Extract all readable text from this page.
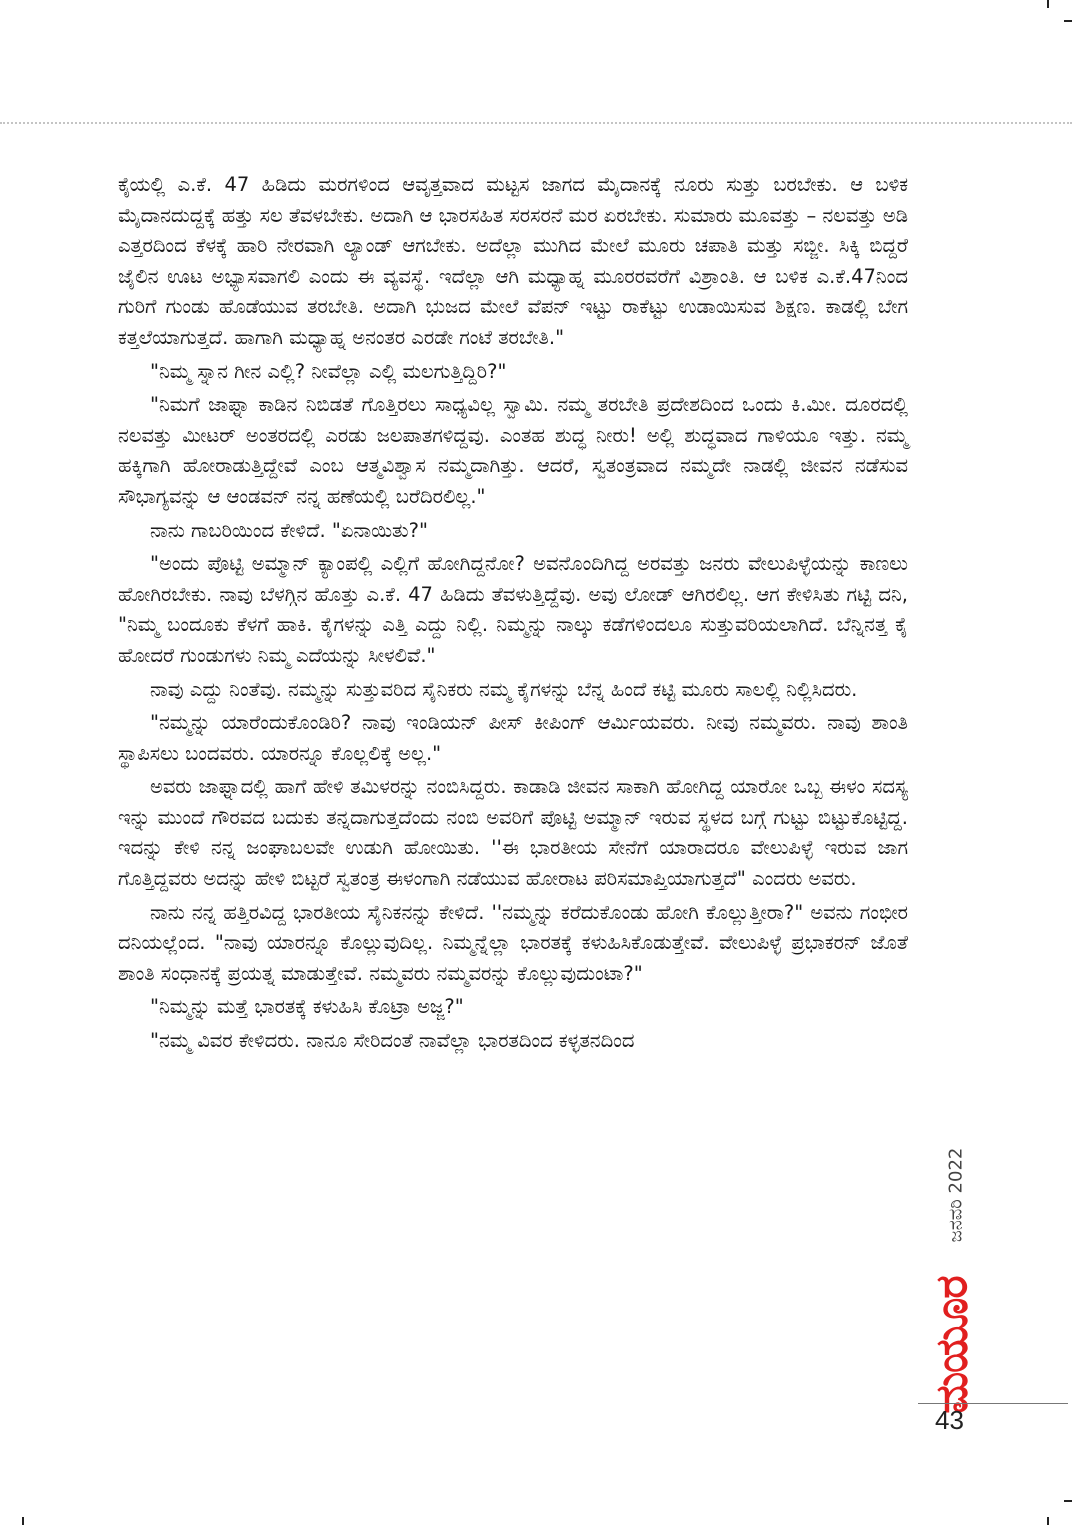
ಕೈಯಲ್ಲಿ ಎ.ಕೆ. 47 ಹಿಡಿದು ಮರಗಳಿಂದ ಆವೃತ್ತವಾದ ಮಟ್ಟಸ ಜಾಗದ ಮೈದಾನಕ್ಕೆ ನೂರು ಸುತ್ತು ಬರಬೇಕು. ಆ ಬಳಿಕ ಮೈದಾನದುದ್ದಕ್ಕೆ ಹತ್ತು ಸಲ ತೆವಳಬೇಕು. ಅದಾಗಿ ಆ ಭಾರಸಹಿತ ಸರಸರನೆ ಮರ ಏರಬೇಕು. ಸುಮಾರು ಮೂವತ್ತು – ನಲವತ್ತು ಅಡಿ ಎತ್ತರದಿಂದ ಕೆಳಕ್ಕೆ ಹಾರಿ ನೇರವಾಗಿ ಲ್ಯಾಂಡ್ ಆಗಬೇಕು. ಅದೆಲ್ಲಾ ಮುಗಿದ ಮೇಲೆ ಮೂರು ಚಪಾತಿ ಮತ್ತು ಸಬ್ಜೀ. ಸಿಕ್ಕಿ ಬಿದ್ದರೆ ಜೈಲಿನ ಊಟ ಅಭ್ಯಾಸವಾಗಲಿ ಎಂದು ಈ ವ್ಯವಸ್ಥೆ. ಇದೆಲ್ಲಾ ಆಗಿ ಮಧ್ಯಾಹ್ನ ಮೂರರವರೆಗೆ ವಿಶ್ರಾಂತಿ. ಆ ಬಳಿಕ ಎ.ಕೆ.47ನಿಂದ ಗುರಿಗೆ ಗುಂಡು ಹೊಡೆಯುವ ತರಬೇತಿ. ಅದಾಗಿ ಭುಜದ ಮೇಲೆ ವೆಪನ್ ಇಟ್ಟು ರಾಕೆಟ್ಟು ಉಡಾಯಿಸುವ ಶಿಕ್ಷಣ. ಕಾಡಲ್ಲಿ ಬೇಗ ಕತ್ತಲೆಯಾಗುತ್ತದೆ. ಹಾಗಾಗಿ ಮಧ್ಯಾಹ್ನ ಅನಂತರ ಎರಡೇ ಗಂಟೆ ತರಬೇತಿ."

"ನಿಮ್ಮ ಸ್ನಾನ ಗೀನ ಎಲ್ಲಿ? ನೀವೆಲ್ಲಾ ಎಲ್ಲಿ ಮಲಗುತ್ತಿದ್ದಿರಿ?"

"ನಿಮಗೆ ಜಾಫ್ನಾ ಕಾಡಿನ ನಿಬಿಡತೆ ಗೊತ್ತಿರಲು ಸಾಧ್ಯವಿಲ್ಲ ಸ್ವಾಮಿ. ನಮ್ಮ ತರಬೇತಿ ಪ್ರದೇಶದಿಂದ ಒಂದು ಕಿ.ಮೀ. ದೂರದಲ್ಲಿ ನಲವತ್ತು ಮೀಟರ್ ಅಂತರದಲ್ಲಿ ಎರಡು ಜಲಪಾತಗಳಿದ್ದವು. ಎಂತಹ ಶುದ್ಧ ನೀರು! ಅಲ್ಲಿ ಶುದ್ಧವಾದ ಗಾಳಿಯೂ ಇತ್ತು. ನಮ್ಮ ಹಕ್ಕಿಗಾಗಿ ಹೋರಾಡುತ್ತಿದ್ದೇವೆ ಎಂಬ ಆತ್ಮವಿಶ್ವಾಸ ನಮ್ಮದಾಗಿತ್ತು. ಆದರೆ, ಸ್ವತಂತ್ರವಾದ ನಮ್ಮದೇ ನಾಡಲ್ಲಿ ಜೀವನ ನಡೆಸುವ ಸೌಭಾಗ್ಯವನ್ನು ಆ ಆಂಡವನ್ ನನ್ನ ಹಣೆಯಲ್ಲಿ ಬರೆದಿರಲಿಲ್ಲ."

ನಾನು ಗಾಬರಿಯಿಂದ ಕೇಳಿದೆ. "ಏನಾಯಿತು?"

"ಅಂದು ಪೊಟ್ಟಿ ಅಮ್ಮಾನ್ ಕ್ಯಾಂಪಲ್ಲಿ ಎಲ್ಲಿಗೆ ಹೋಗಿದ್ದನೋ? ಅವನೊಂದಿಗಿದ್ದ ಅರವತ್ತು ಜನರು ವೇಲುಪಿಳ್ಳೆಯನ್ನು ಕಾಣಲು ಹೋಗಿರಬೇಕು. ನಾವು ಬೆಳಗ್ಗಿನ ಹೊತ್ತು ಎ.ಕೆ. 47 ಹಿಡಿದು ತೆವಳುತ್ತಿದ್ದೆವು. ಅವು ಲೋಡ್ ಆಗಿರಲಿಲ್ಲ. ಆಗ ಕೇಳಿಸಿತು ಗಟ್ಟಿ ದನಿ, "ನಿಮ್ಮ ಬಂದೂಕು ಕೆಳಗೆ ಹಾಕಿ. ಕೈಗಳನ್ನು ಎತ್ತಿ ಎದ್ದು ನಿಲ್ಲಿ. ನಿಮ್ಮನ್ನು ನಾಲ್ಕು ಕಡೆಗಳಿಂದಲೂ ಸುತ್ತುವರಿಯಲಾಗಿದೆ. ಬೆನ್ನಿನತ್ತ ಕೈ ಹೋದರೆ ಗುಂಡುಗಳು ನಿಮ್ಮ ಎದೆಯನ್ನು ಸೀಳಲಿವೆ."

ನಾವು ಎದ್ದು ನಿಂತೆವು. ನಮ್ಮನ್ನು ಸುತ್ತುವರಿದ ಸೈನಿಕರು ನಮ್ಮ ಕೈಗಳನ್ನು ಬೆನ್ನ ಹಿಂದೆ ಕಟ್ಟಿ ಮೂರು ಸಾಲಲ್ಲಿ ನಿಲ್ಲಿಸಿದರು.

"ನಮ್ಮನ್ನು ಯಾರೆಂದುಕೊಂಡಿರಿ? ನಾವು ಇಂಡಿಯನ್ ಪೀಸ್ ಕೀಪಿಂಗ್ ಆರ್ಮಿಯವರು. ನೀವು ನಮ್ಮವರು. ನಾವು ಶಾಂತಿ ಸ್ಥಾಪಿಸಲು ಬಂದವರು. ಯಾರನ್ನೂ ಕೊಲ್ಲಲಿಕ್ಕೆ ಅಲ್ಲ."

ಅವರು ಜಾಫ್ನಾದಲ್ಲಿ ಹಾಗೆ ಹೇಳಿ ತಮಿಳರನ್ನು ನಂಬಿಸಿದ್ದರು. ಕಾಡಾಡಿ ಜೀವನ ಸಾಕಾಗಿ ಹೋಗಿದ್ದ ಯಾರೋ ಒಬ್ಬ ಈಳಂ ಸದಸ್ಯ ಇನ್ನು ಮುಂದೆ ಗೌರವದ ಬದುಕು ತನ್ನದಾಗುತ್ತದೆಂದು ನಂಬಿ ಅವರಿಗೆ ಪೊಟ್ಟಿ ಅಮ್ಮಾನ್ ಇರುವ ಸ್ಥಳದ ಬಗ್ಗೆ ಗುಟ್ಟು ಬಿಟ್ಟುಕೊಟ್ಟಿದ್ದ. ಇದನ್ನು ಕೇಳಿ ನನ್ನ ಜಂಘಾಬಲವೇ ಉಡುಗಿ ಹೋಯಿತು. ''ಈ ಭಾರತೀಯ ಸೇನೆಗೆ ಯಾರಾದರೂ ವೇಲುಪಿಳ್ಳೆ ಇರುವ ಜಾಗ ಗೊತ್ತಿದ್ದವರು ಅದನ್ನು ಹೇಳಿ ಬಿಟ್ಟರೆ ಸ್ವತಂತ್ರ ಈಳಂಗಾಗಿ ನಡೆಯುವ ಹೋರಾಟ ಪರಿಸಮಾಪ್ತಿಯಾಗುತ್ತದೆ" ಎಂದರು ಅವರು.

ನಾನು ನನ್ನ ಹತ್ತಿರವಿದ್ದ ಭಾರತೀಯ ಸೈನಿಕನನ್ನು ಕೇಳಿದೆ. ''ನಮ್ಮನ್ನು ಕರೆದುಕೊಂಡು ಹೋಗಿ ಕೊಲ್ಲುತ್ತೀರಾ?" ಅವನು ಗಂಭೀರ ದನಿಯಲ್ಲೆಂದ. "ನಾವು ಯಾರನ್ನೂ ಕೊಲ್ಲುವುದಿಲ್ಲ. ನಿಮ್ಮನ್ನೆಲ್ಲಾ ಭಾರತಕ್ಕೆ ಕಳುಹಿಸಿಕೊಡುತ್ತೇವೆ. ವೇಲುಪಿಳ್ಳೆ ಪ್ರಭಾಕರನ್ ಜೊತೆ ಶಾಂತಿ ಸಂಧಾನಕ್ಕೆ ಪ್ರಯತ್ನ ಮಾಡುತ್ತೇವೆ. ನಮ್ಮವರು ನಮ್ಮವರನ್ನು ಕೊಲ್ಲುವುದುಂಟಾ?"

"ನಿಮ್ಮನ್ನು ಮತ್ತೆ ಭಾರತಕ್ಕೆ ಕಳುಹಿಸಿ ಕೊಟ್ರಾ ಅಜ್ಜ?"

"ನಮ್ಮ ವಿವರ ಕೇಳಿದರು. ನಾನೂ ಸೇರಿದಂತೆ ನಾವೆಲ್ಲಾ ಭಾರತದಿಂದ ಕಳ್ಳತನದಿಂದ

ಜನವರಿ 2022
ಮಯೂರ
43
